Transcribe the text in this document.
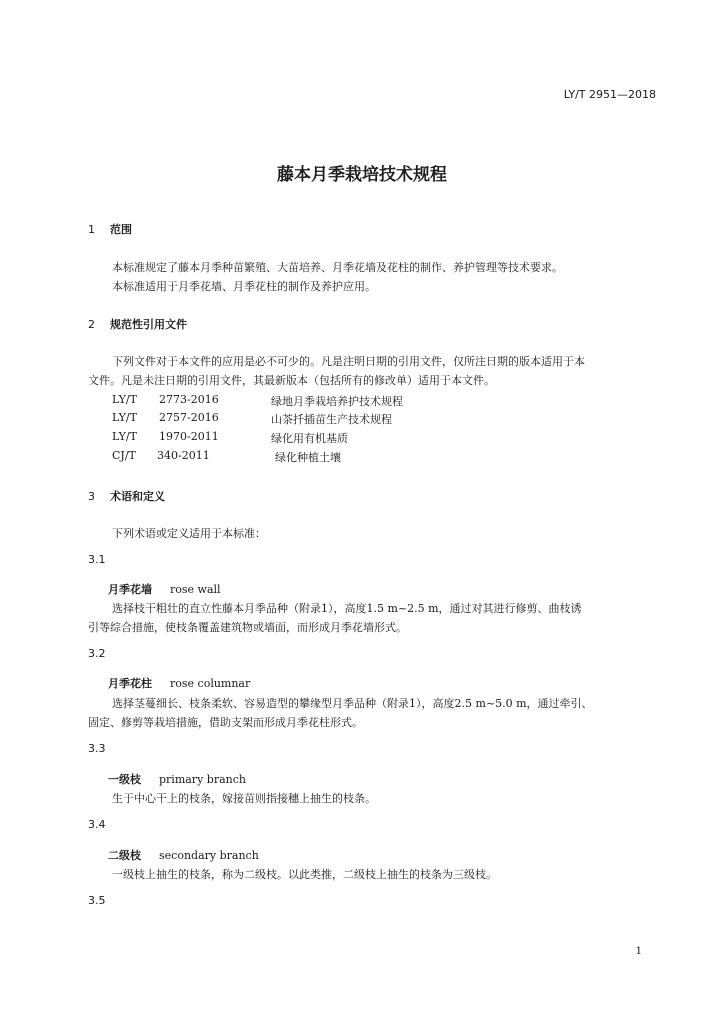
LY/T 2951—2018
藤本月季栽培技术规程
1 范围
本标准规定了藤本月季种苗繁殖、大苗培养、月季花墙及花柱的制作、养护管理等技术要求。
本标准适用于月季花墙、月季花柱的制作及养护应用。
2 规范性引用文件
下列文件对于本文件的应用是必不可少的。凡是注明日期的引用文件，仅所注日期的版本适用于本
文件。凡是未注日期的引用文件，其最新版本（包括所有的修改单）适用于本文件。
LY/T 2773-2016	绿地月季栽培养护技术规程
LY/T 2757-2016	山茶扦插苗生产技术规程
LY/T 1970-2011	绿化用有机基质
CJ/T 340-2011	绿化种植土壤
3 术语和定义
下列术语或定义适用于本标准：
3.1
月季花墙 rose wall
选择枝干粗壮的直立性藤本月季品种（附录1），高度1.5 m~2.5 m，通过对其进行修剪、曲枝诱
引等综合措施，使枝条覆盖建筑物或墙面，而形成月季花墙形式。
3.2
月季花柱 rose columnar
选择茎蔓细长、枝条柔软、容易造型的攀缘型月季品种（附录1），高度2.5 m~5.0 m，通过牵引、
固定、修剪等栽培措施，借助支架而形成月季花柱形式。
3.3
一级枝 primary branch
生于中心干上的枝条，嫁接苗则指接穗上抽生的枝条。
3.4
二级枝 secondary branch
一级枝上抽生的枝条，称为二级枝。以此类推，二级枝上抽生的枝条为三级枝。
3.5
1
